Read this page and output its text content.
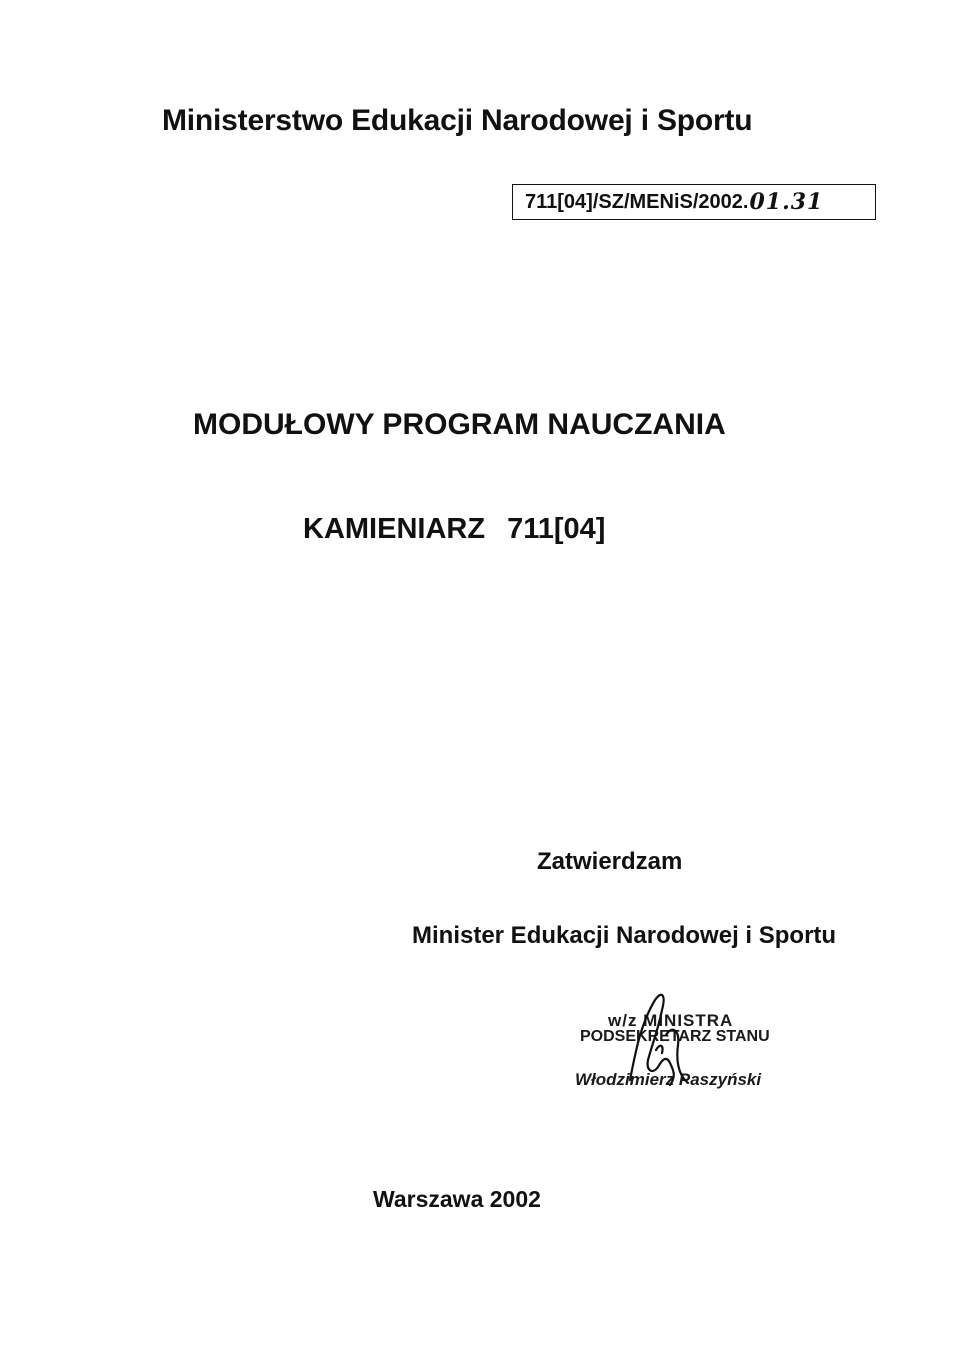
Ministerstwo Edukacji Narodowej i Sportu
711[04]/SZ/MENiS/2002. 01.31
MODUŁOWY PROGRAM NAUCZANIA
KAMIENIARZ 711[04]
Zatwierdzam
Minister Edukacji Narodowej i Sportu
w/z MINISTRA
PODSEKRETARZ STANU
Włodzimierz Paszyński
Warszawa 2002
